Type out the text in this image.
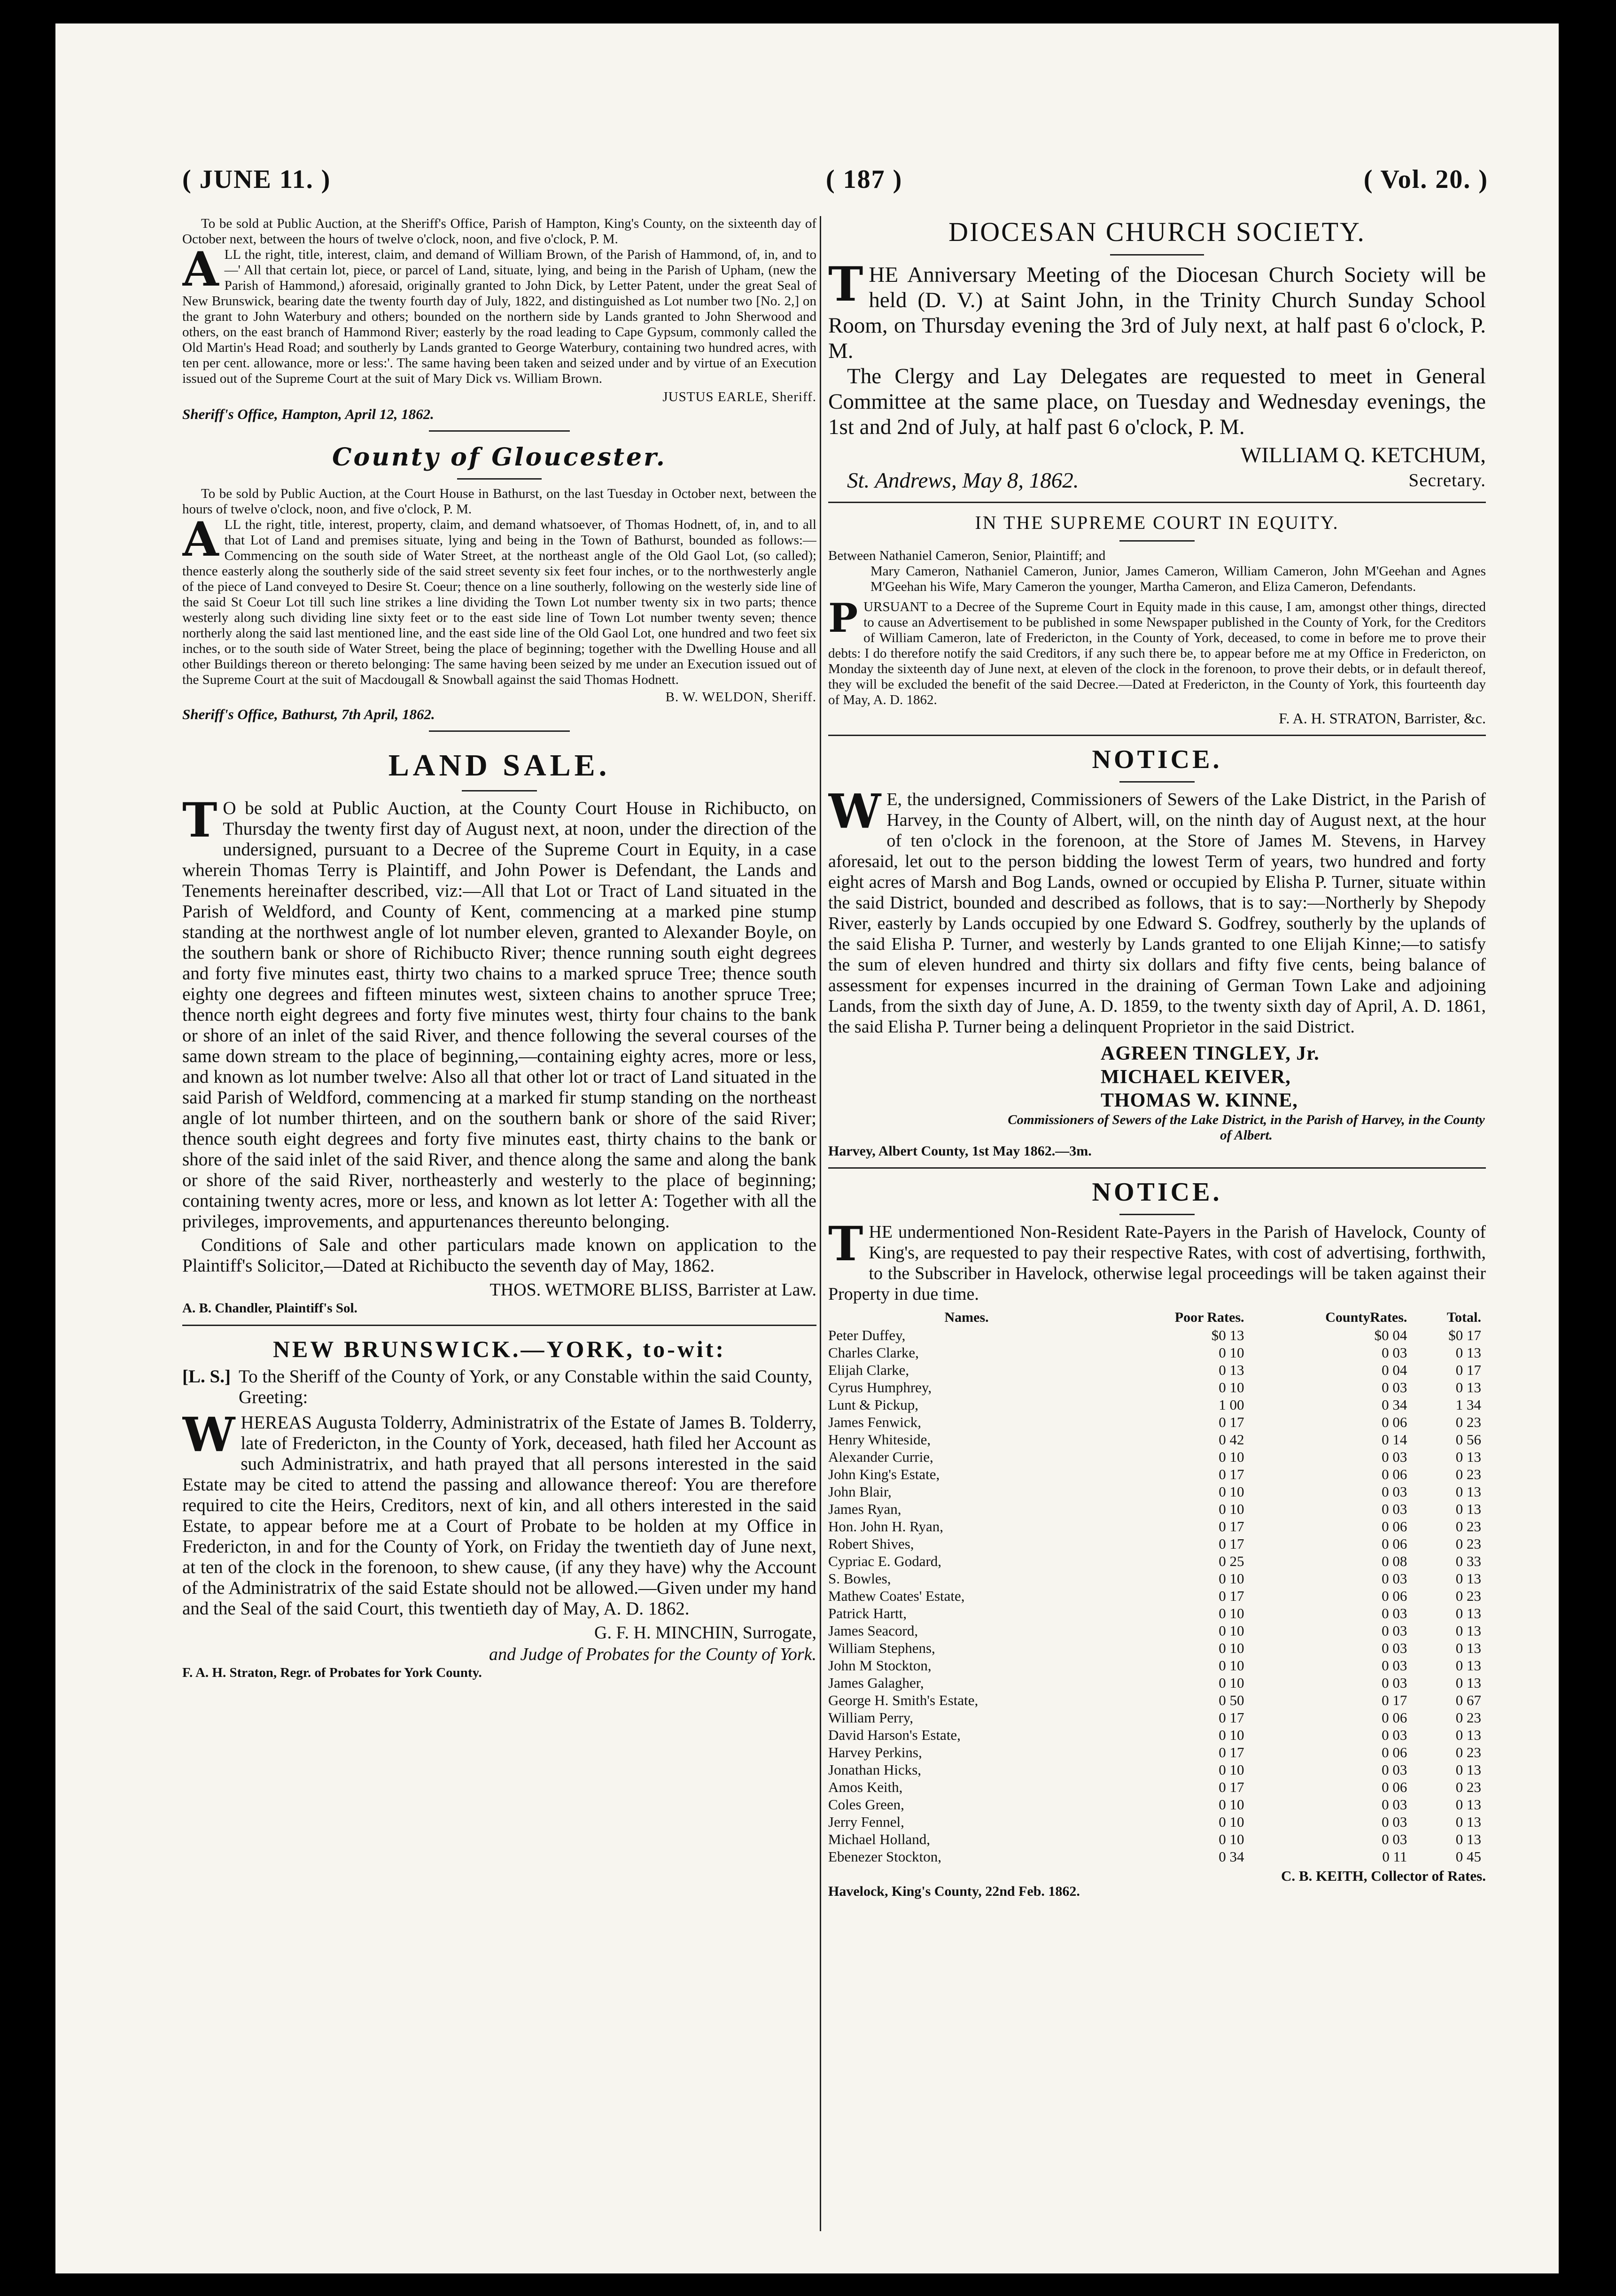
( JUNE 11. )	( 187 )	( Vol. 20. )

To be sold at Public Auction, at the Sheriff's Office, Parish of Hampton, King's County, on the sixteenth day of October next, between the hours of twelve o'clock, noon, and five o'clock, P. M.

ALL the right, title, interest, claim, and demand of William Brown, of the Parish of Hammond, of, in, and to—' All that certain lot, piece, or parcel of Land, situate, lying, and being in the Parish of Upham, (new the Parish of Hammond,) aforesaid, originally granted to John Dick, by Letter Patent, under the great Seal of New Brunswick, bearing date the twenty fourth day of July, 1822, and distinguished as Lot number two [No. 2,] on the grant to John Waterbury and others; bounded on the northern side by Lands granted to John Sherwood and others, on the east branch of Hammond River; easterly by the road leading to Cape Gypsum, commonly called the Old Martin's Head Road; and southerly by Lands granted to George Waterbury, containing two hundred acres, with ten per cent. allowance, more or less:'. The same having been taken and seized under and by virtue of an Execution issued out of the Supreme Court at the suit of Mary Dick vs. William Brown.

JUSTUS EARLE, Sheriff.

Sheriff's Office, Hampton, April 12, 1862.

County of Gloucester.

To be sold by Public Auction, at the Court House in Bathurst, on the last Tuesday in October next, between the hours of twelve o'clock, noon, and five o'clock, P. M.

ALL the right, title, interest, property, claim, and demand whatsoever, of Thomas Hodnett, of, in, and to all that Lot of Land and premises situate, lying and being in the Town of Bathurst, bounded as follows:—Commencing on the south side of Water Street, at the northeast angle of the Old Gaol Lot, (so called); thence easterly along the southerly side of the said street seventy six feet four inches, or to the northwesterly angle of the piece of Land conveyed to Desire St. Coeur; thence on a line southerly, following on the westerly side line of the said St Coeur Lot till such line strikes a line dividing the Town Lot number twenty six in two parts; thence westerly along such dividing line sixty feet or to the east side line of Town Lot number twenty seven; thence northerly along the said last mentioned line, and the east side line of the Old Gaol Lot, one hundred and two feet six inches, or to the south side of Water Street, being the place of beginning; together with the Dwelling House and all other Buildings thereon or thereto belonging: The same having been seized by me under an Execution issued out of the Supreme Court at the suit of Macdougall & Snowball against the said Thomas Hodnett.

B. W. WELDON, Sheriff.

Sheriff's Office, Bathurst, 7th April, 1862.

LAND SALE.

T O be sold at Public Auction, at the County Court House in Richibucto, on Thursday the twenty first day of August next, at noon, under the direction of the undersigned, pursuant to a Decree of the Supreme Court in Equity, in a case wherein Thomas Terry is Plaintiff, and John Power is Defendant, the Lands and Tenements hereinafter described, viz:—All that Lot or Tract of Land situated in the Parish of Weldford, and County of Kent, commencing at a marked pine stump standing at the northwest angle of lot number eleven, granted to Alexander Boyle, on the southern bank or shore of Richibucto River; thence running south eight degrees and forty five minutes east, thirty two chains to a marked spruce Tree; thence south eighty one degrees and fifteen minutes west, sixteen chains to another spruce Tree; thence north eight degrees and forty five minutes west, thirty four chains to the bank or shore of an inlet of the said River, and thence following the several courses of the same down stream to the place of beginning,—containing eighty acres, more or less, and known as lot number twelve: Also all that other lot or tract of Land situated in the said Parish of Weldford, commencing at a marked fir stump standing on the northeast angle of lot number thirteen, and on the southern bank or shore of the said River; thence south eight degrees and forty five minutes east, thirty chains to the bank or shore of the said inlet of the said River, and thence along the same and along the bank or shore of the said River, northeasterly and westerly to the place of beginning; containing twenty acres, more or less, and known as lot letter A: Together with all the privileges, improvements, and appurtenances thereunto belonging.

Conditions of Sale and other particulars made known on application to the Plaintiff's Solicitor,—Dated at Richibucto the seventh day of May, 1862.

THOS. WETMORE BLISS, Barrister at Law.

A. B. Chandler, Plaintiff's Sol.

NEW BRUNSWICK.—YORK, to-wit:
[L. S.] To the Sheriff of the County of York, or any Constable within the said County, Greeting:

WHEREAS Augusta Tolderry, Administratrix of the Estate of James B. Tolderry, late of Fredericton, in the County of York, deceased, hath filed her Account as such Administratrix, and hath prayed that all persons interested in the said Estate may be cited to attend the passing and allowance thereof: You are therefore required to cite the Heirs, Creditors, next of kin, and all others interested in the said Estate, to appear before me at a Court of Probate to be holden at my Office in Fredericton, in and for the County of York, on Friday the twentieth day of June next, at ten of the clock in the forenoon, to shew cause, (if any they have) why the Account of the Administratrix of the said Estate should not be allowed.—Given under my hand and the Seal of the said Court, this twentieth day of May, A. D. 1862.

G. F. H. MINCHIN, Surrogate,

and Judge of Probates for the County of York.

F. A. H. Straton, Regr. of Probates for York County.

DIOCESAN CHURCH SOCIETY.

THE Anniversary Meeting of the Diocesan Church Society will be held (D. V.) at Saint John, in the Trinity Church Sunday School Room, on Thursday evening the 3rd of July next, at half past 6 o'clock, P. M.

The Clergy and Lay Delegates are requested to meet in General Committee at the same place, on Tuesday and Wednesday evenings, the 1st and 2nd of July, at half past 6 o'clock, P. M.

WILLIAM Q. KETCHUM,

St. Andrews, May 8, 1862.	Secretary.
IN THE SUPREME COURT IN EQUITY.

Between Nathaniel Cameron, Senior, Plaintiff; and

Mary Cameron, Nathaniel Cameron, Junior, James Cameron, William Cameron, John M'Geehan and Agnes M'Geehan his Wife, Mary Cameron the younger, Martha Cameron, and Eliza Cameron, Defendants.

PURSUANT to a Decree of the Supreme Court in Equity made in this cause, I am, amongst other things, directed to cause an Advertisement to be published in some Newspaper published in the County of York, for the Creditors of William Cameron, late of Fredericton, in the County of York, deceased, to come in before me to prove their debts: I do therefore notify the said Creditors, if any such there be, to appear before me at my Office in Fredericton, on Monday the sixteenth day of June next, at eleven of the clock in the forenoon, to prove their debts, or in default thereof, they will be excluded the benefit of the said Decree.—Dated at Fredericton, in the County of York, this fourteenth day of May, A. D. 1862.

F. A. H. STRATON, Barrister, &c.

NOTICE.

W E, the undersigned, Commissioners of Sewers of the Lake District, in the Parish of Harvey, in the County of Albert, will, on the ninth day of August next, at the hour of ten o'clock in the forenoon, at the Store of James M. Stevens, in Harvey aforesaid, let out to the person bidding the lowest Term of years, two hundred and forty eight acres of Marsh and Bog Lands, owned or occupied by Elisha P. Turner, situate within the said District, bounded and described as follows, that is to say:—Northerly by Shepody River, easterly by Lands occupied by one Edward S. Godfrey, southerly by the uplands of the said Elisha P. Turner, and westerly by Lands granted to one Elijah Kinne;—to satisfy the sum of eleven hundred and thirty six dollars and fifty five cents, being balance of assessment for expenses incurred in the draining of German Town Lake and adjoining Lands, from the sixth day of June, A. D. 1859, to the twenty sixth day of April, A. D. 1861, the said Elisha P. Turner being a delinquent Proprietor in the said District.

AGREEN TINGLEY, Jr.
MICHAEL KEIVER,
THOMAS W. KINNE,

Commissioners of Sewers of the Lake District, in the Parish of Harvey, in the County of Albert.

Harvey, Albert County, 1st May 1862.—3m.

NOTICE.

THE undermentioned Non-Resident Rate-Payers in the Parish of Havelock, County of King's, are requested to pay their respective Rates, with cost of advertising, forthwith, to the Subscriber in Havelock, otherwise legal proceedings will be taken against their Property in due time.

Names.	Poor Rates.	CountyRates.	Total.
Peter Duffey,	$0 13	$0 04	$0 17
Charles Clarke,	0 10	0 03	0 13
Elijah Clarke,	0 13	0 04	0 17
Cyrus Humphrey,	0 10	0 03	0 13
Lunt & Pickup,	1 00	0 34	1 34
James Fenwick,	0 17	0 06	0 23
Henry Whiteside,	0 42	0 14	0 56
Alexander Currie,	0 10	0 03	0 13
John King's Estate,	0 17	0 06	0 23
John Blair,	0 10	0 03	0 13
James Ryan,	0 10	0 03	0 13
Hon. John H. Ryan,	0 17	0 06	0 23
Robert Shives,	0 17	0 06	0 23
Cypriac E. Godard,	0 25	0 08	0 33
S. Bowles,	0 10	0 03	0 13
Mathew Coates' Estate,	0 17	0 06	0 23
Patrick Hartt,	0 10	0 03	0 13
James Seacord,	0 10	0 03	0 13
William Stephens,	0 10	0 03	0 13
John M Stockton,	0 10	0 03	0 13
James Galagher,	0 10	0 03	0 13
George H. Smith's Estate,	0 50	0 17	0 67
William Perry,	0 17	0 06	0 23
David Harson's Estate,	0 10	0 03	0 13
Harvey Perkins,	0 17	0 06	0 23
Jonathan Hicks,	0 10	0 03	0 13
Amos Keith,	0 17	0 06	0 23
Coles Green,	0 10	0 03	0 13
Jerry Fennel,	0 10	0 03	0 13
Michael Holland,	0 10	0 03	0 13
Ebenezer Stockton,	0 34	0 11	0 45

C. B. KEITH, Collector of Rates.

Havelock, King's County, 22nd Feb. 1862.
